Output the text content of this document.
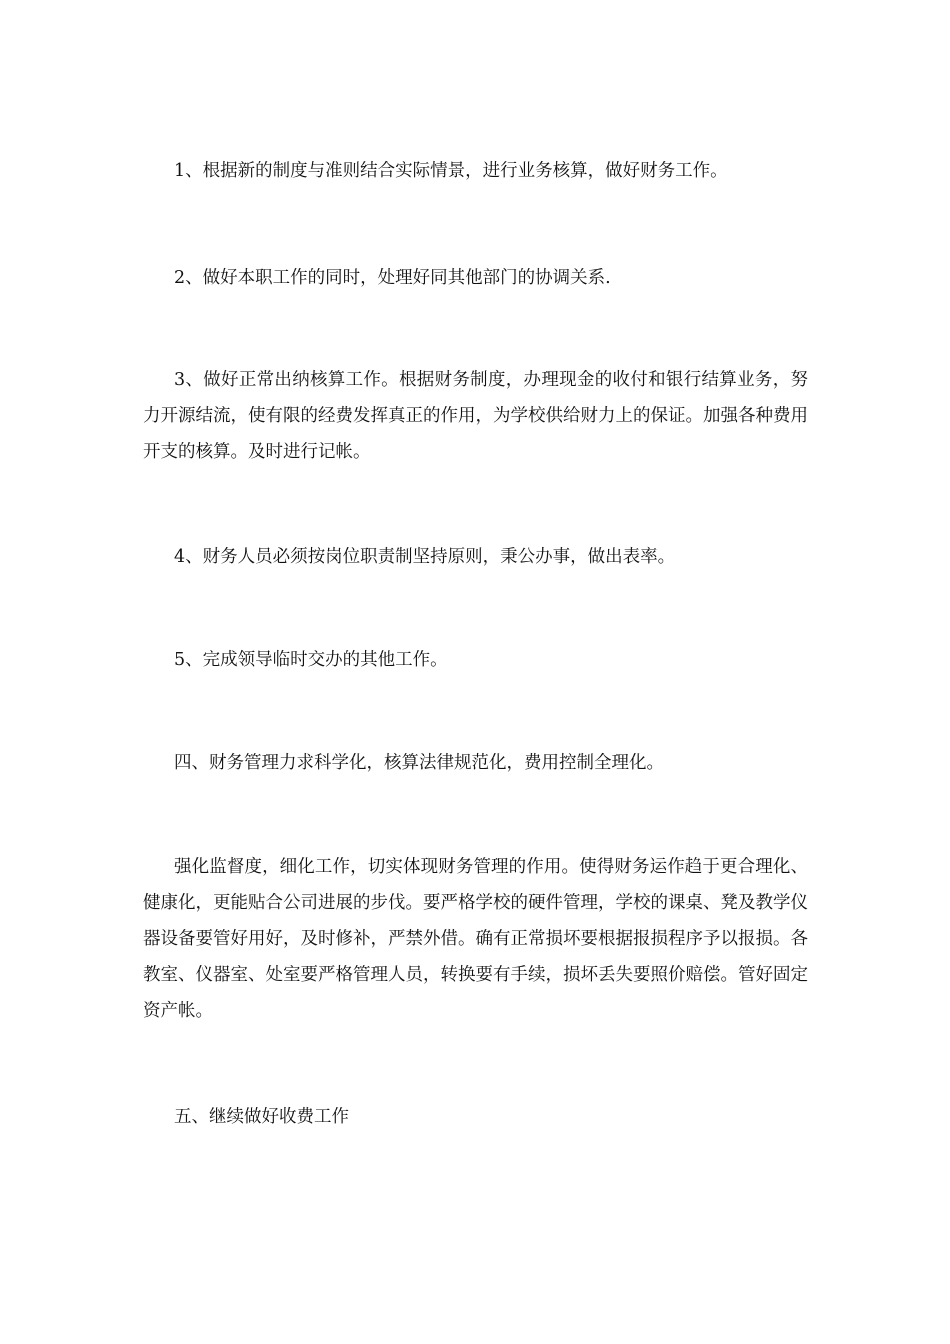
1、根据新的制度与准则结合实际情景，进行业务核算，做好财务工作。

2、做好本职工作的同时，处理好同其他部门的协调关系.

3、做好正常出纳核算工作。根据财务制度，办理现金的收付和银行结算业务，努力开源结流，使有限的经费发挥真正的作用，为学校供给财力上的保证。加强各种费用开支的核算。及时进行记帐。

4、财务人员必须按岗位职责制坚持原则，秉公办事，做出表率。

5、完成领导临时交办的其他工作。

四、财务管理力求科学化，核算法律规范化，费用控制全理化。

强化监督度，细化工作，切实体现财务管理的作用。使得财务运作趋于更合理化、健康化，更能贴合公司进展的步伐。要严格学校的硬件管理，学校的课桌、凳及教学仪器设备要管好用好，及时修补，严禁外借。确有正常损坏要根据报损程序予以报损。各教室、仪器室、处室要严格管理人员，转换要有手续，损坏丢失要照价赔偿。管好固定资产帐。

五、继续做好收费工作
